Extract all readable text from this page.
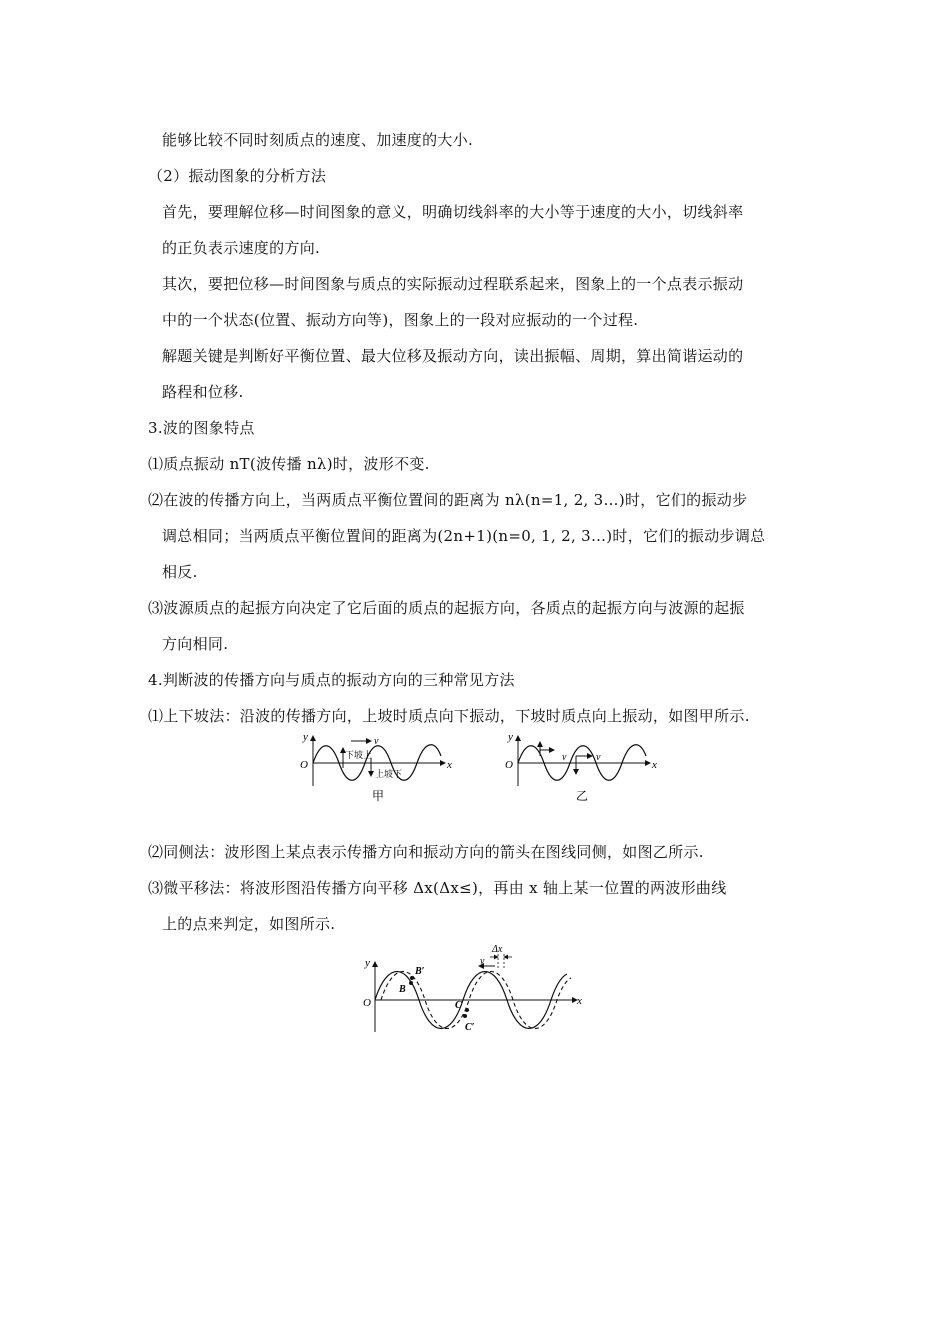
能够比较不同时刻质点的速度、加速度的大小.
（2）振动图象的分析方法
首先，要理解位移—时间图象的意义，明确切线斜率的大小等于速度的大小，切线斜率
的正负表示速度的方向.
其次，要把位移—时间图象与质点的实际振动过程联系起来，图象上的一个点表示振动
中的一个状态(位置、振动方向等)，图象上的一段对应振动的一个过程.
解题关键是判断好平衡位置、最大位移及振动方向，读出振幅、周期，算出简谐运动的
路程和位移.
3.波的图象特点
⑴质点振动 nT(波传播 nλ)时，波形不变.
⑵在波的传播方向上，当两质点平衡位置间的距离为 nλ(n=1, 2, 3…)时，它们的振动步
调总相同；当两质点平衡位置间的距离为(2n+1)(n=0, 1, 2, 3…)时，它们的振动步调总
相反.
⑶波源质点的起振方向决定了它后面的质点的起振方向，各质点的起振方向与波源的起振
方向相同.
4.判断波的传播方向与质点的振动方向的三种常见方法
⑴上下坡法：沿波的传播方向，上坡时质点向下振动，下坡时质点向上振动，如图甲所示.
y
x
O
v
下坡上
上坡下
甲
y
x
O
v	v
乙
⑵同侧法：波形图上某点表示传播方向和振动方向的箭头在图线同侧，如图乙所示.
⑶微平移法：将波形图沿传播方向平移 Δx(Δx≤)，再由 x 轴上某一位置的两波形曲线
上的点来判定，如图所示.
y
x
O
v
Δx
B
B′
C
C′
